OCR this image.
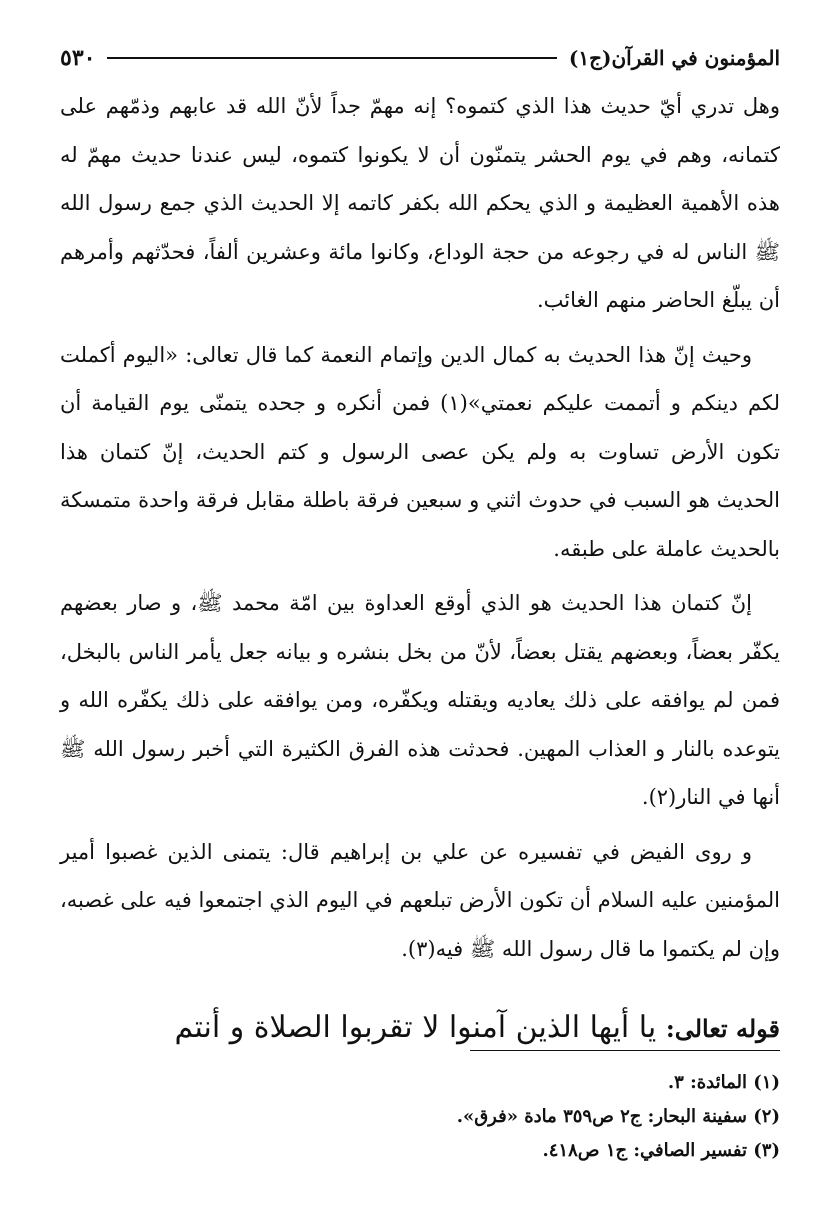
المؤمنون في القرآن(ج١)
٥٣٠

وهل تدري أيّ حديث هذا الذي كتموه؟ إنه مهمّ جداً لأنّ الله قد عابهم وذمّهم على كتمانه، وهم في يوم الحشر يتمنّون أن لا يكونوا كتموه، ليس عندنا حديث مهمّ له هذه الأهمية العظيمة و الذي يحكم الله بكفر كاتمه إلا الحديث الذي جمع رسول الله ﷺ الناس له في رجوعه من حجة الوداع، وكانوا مائة وعشرين ألفاً، فحدّثهم وأمرهم أن يبلّغ الحاضر منهم الغائب.

وحيث إنّ هذا الحديث به كمال الدين وإتمام النعمة كما قال تعالى: «اليوم أكملت لكم دينكم و أتممت عليكم نعمتي»(١) فمن أنكره و جحده يتمنّى يوم القيامة أن تكون الأرض تساوت به ولم يكن عصى الرسول و كتم الحديث، إنّ كتمان هذا الحديث هو السبب في حدوث اثني و سبعين فرقة باطلة مقابل فرقة واحدة متمسكة بالحديث عاملة على طبقه.

إنّ كتمان هذا الحديث هو الذي أوقع العداوة بين امّة محمد ﷺ، و صار بعضهم يكفّر بعضاً، وبعضهم يقتل بعضاً، لأنّ من بخل بنشره و بيانه جعل يأمر الناس بالبخل، فمن لم يوافقه على ذلك يعاديه ويقتله ويكفّره، ومن يوافقه على ذلك يكفّره الله و يتوعده بالنار و العذاب المهين. فحدثت هذه الفرق الكثيرة التي أخبر رسول الله ﷺ أنها في النار(٢).

و روى الفيض في تفسيره عن علي بن إبراهيم قال: يتمنى الذين غصبوا أمير المؤمنين عليه السلام أن تكون الأرض تبلعهم في اليوم الذي اجتمعوا فيه على غصبه، وإن لم يكتموا ما قال رسول الله ﷺ فيه(٣).

قوله تعالى: يا أيها الذين آمنوا لا تقربوا الصلاة و أنتم
(١) المائدة: ٣.
(٢) سفينة البحار: ج٢ ص٣٥٩ مادة «فرق».
(٣) تفسير الصافي: ج١ ص٤١٨.
